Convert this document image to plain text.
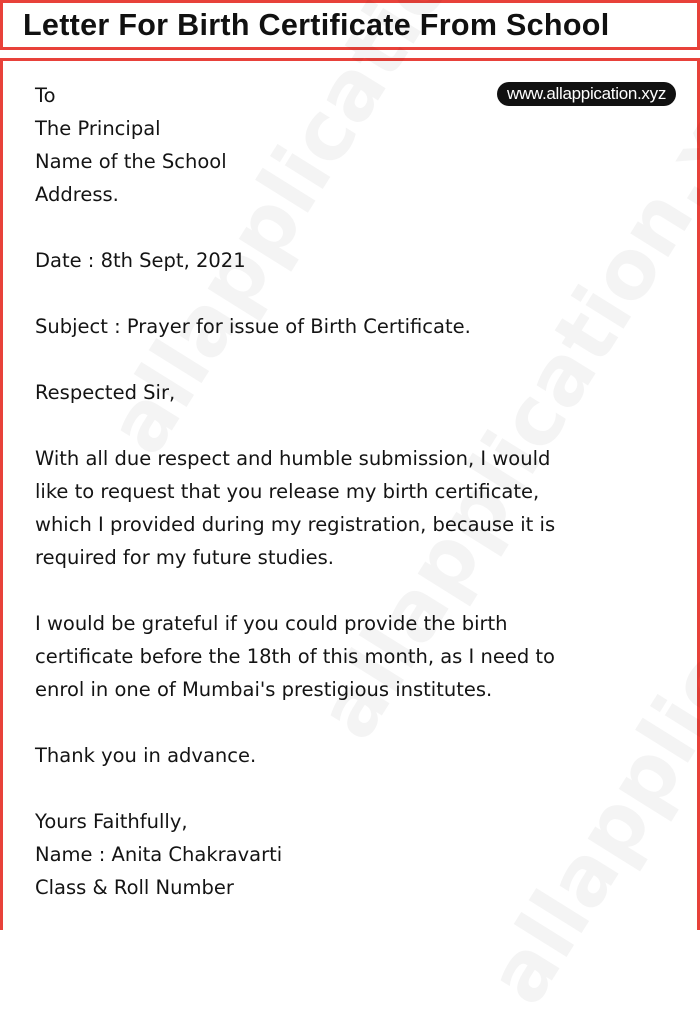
Letter For Birth Certificate From School
www.allappication.xyz
To
The Principal
Name of the School
Address.
Date : 8th Sept, 2021
Subject : Prayer for issue of Birth Certificate.
Respected Sir,
With all due respect and humble submission, I would
like to request that you release my birth certificate,
which I provided during my registration, because it is
required for my future studies.
I would be grateful if you could provide the birth
certificate before the 18th of this month, as I need to
enrol in one of Mumbai's prestigious institutes.
Thank you in advance.
Yours Faithfully,
Name : Anita Chakravarti
Class & Roll Number
